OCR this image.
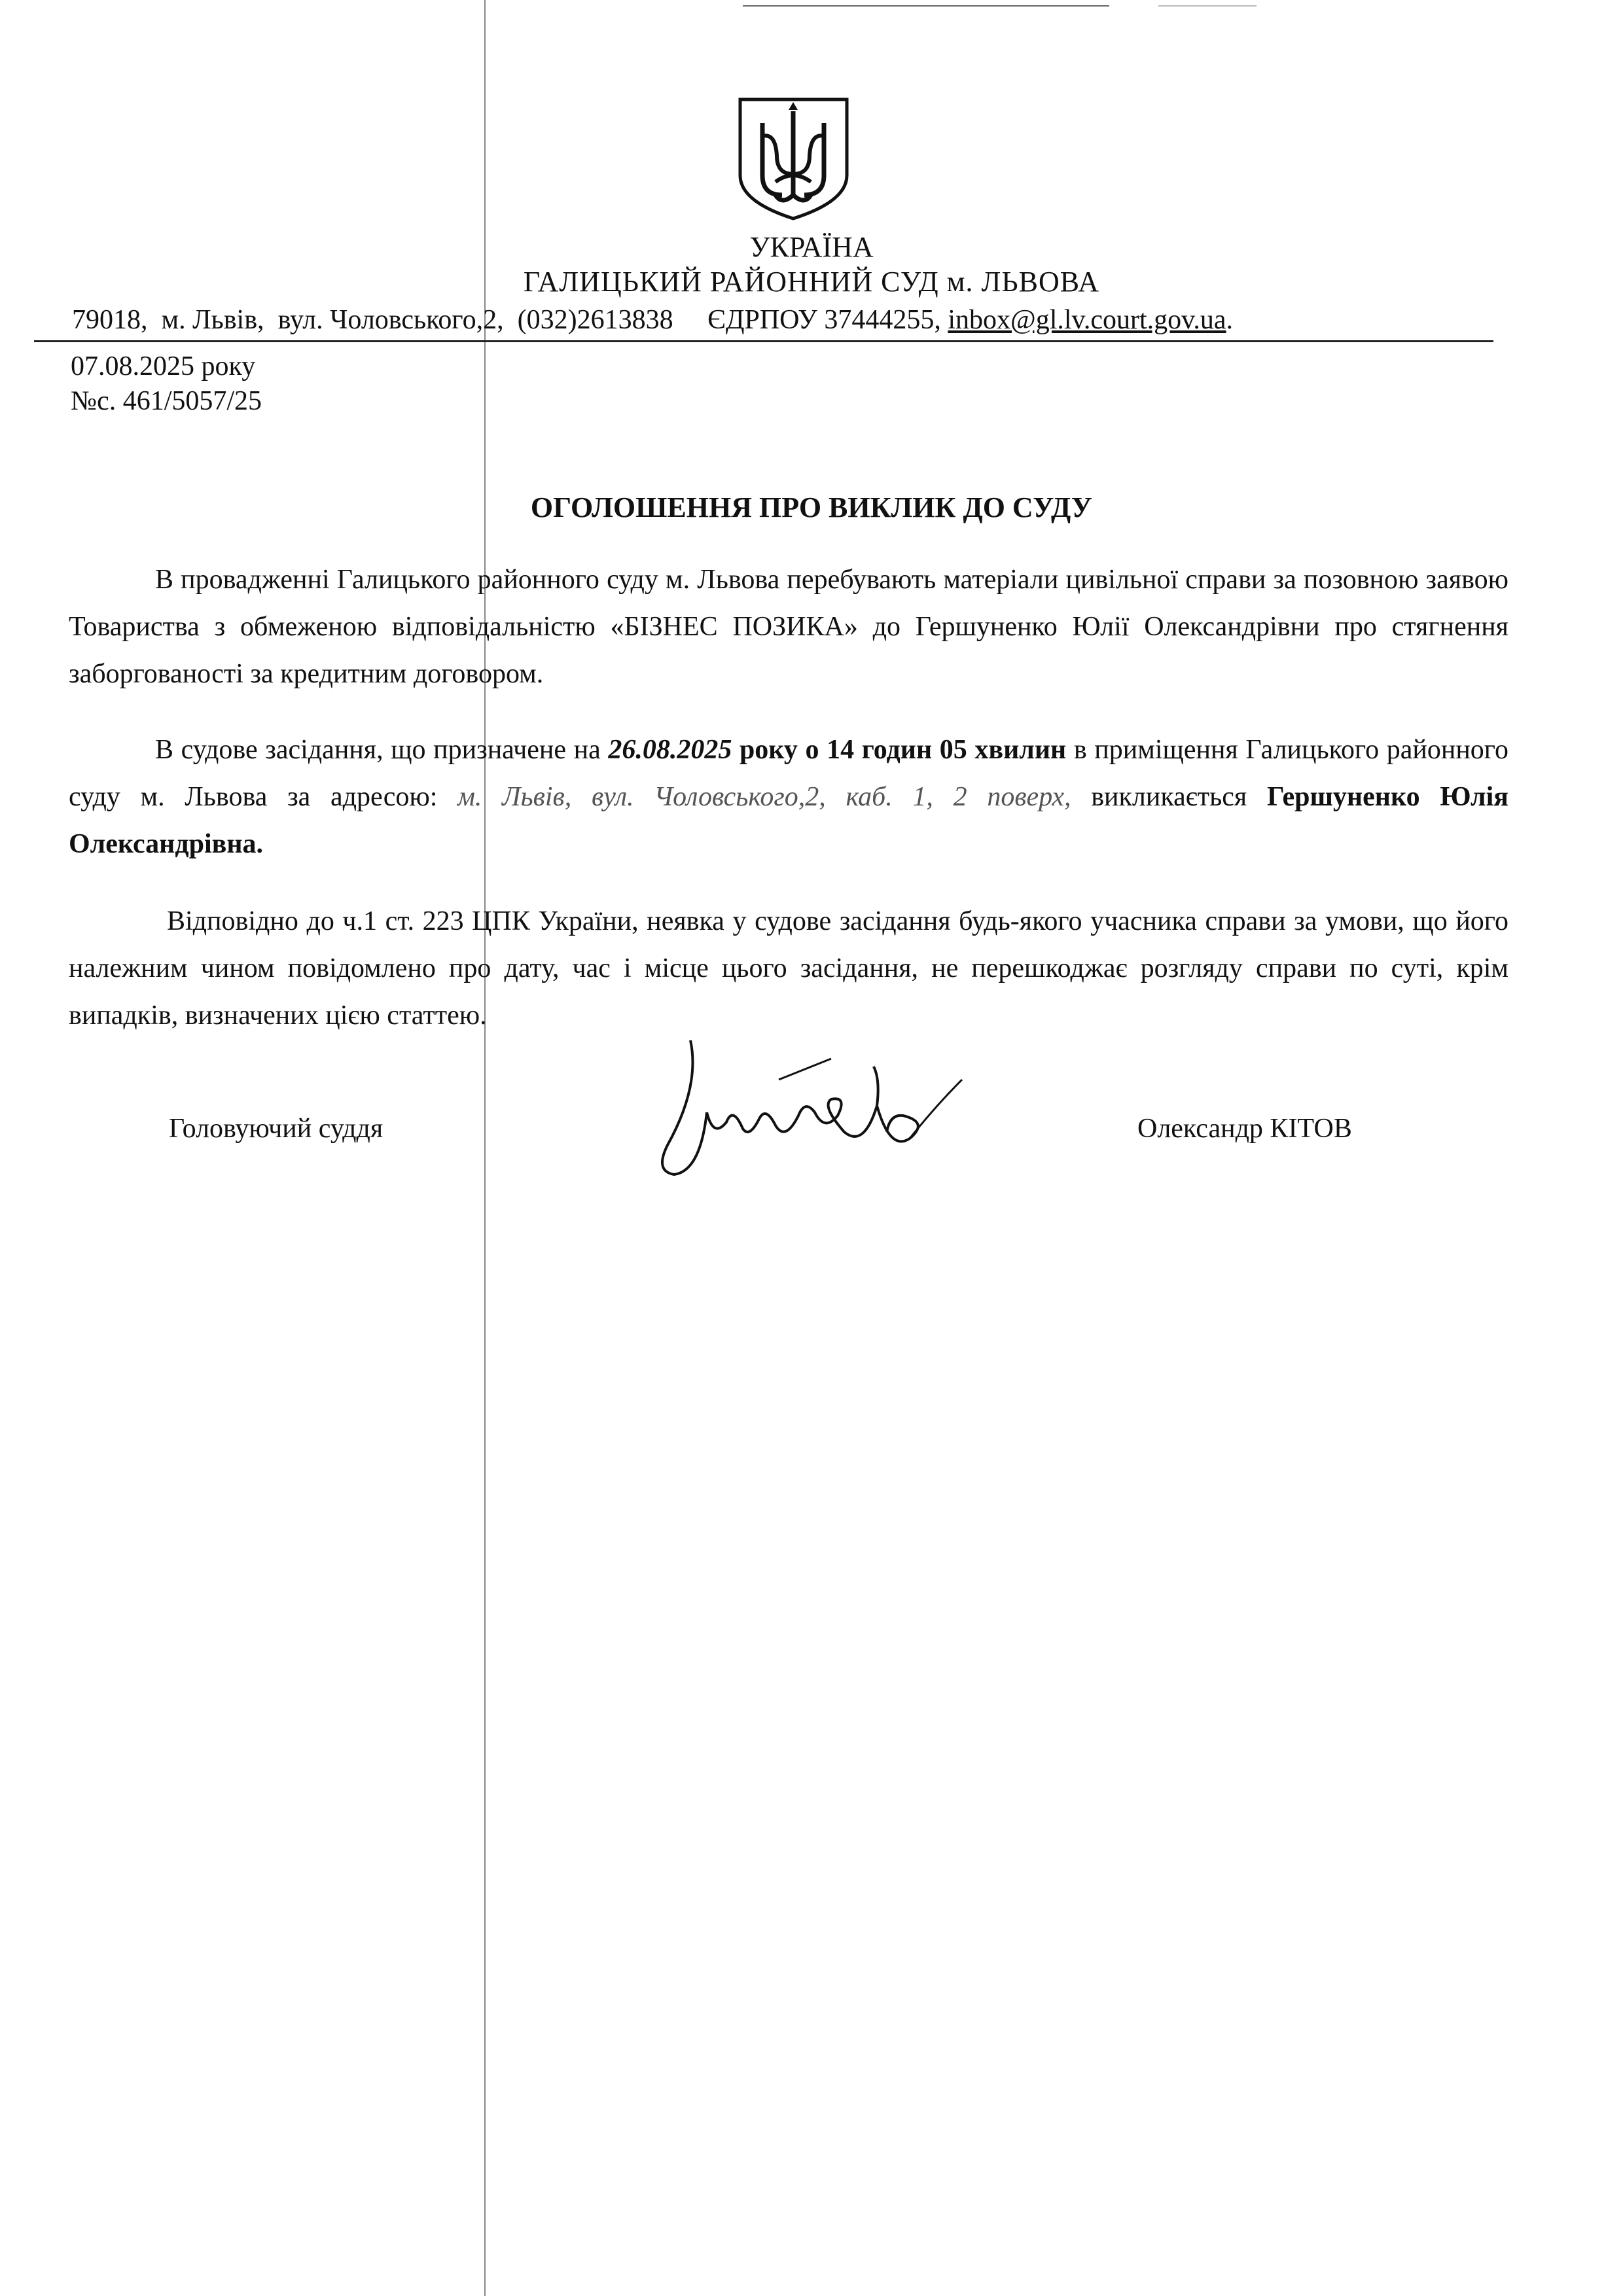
УКРАЇНА
ГАЛИЦЬКИЙ РАЙОННИЙ СУД м. ЛЬВОВА
79018, м. Львів, вул. Чоловського,2, (032)2613838 ЄДРПОУ 37444255, inbox@gl.lv.court.gov.ua.
07.08.2025 року
№с. 461/5057/25
ОГОЛОШЕННЯ ПРО ВИКЛИК ДО СУДУ
В провадженні Галицького районного суду м. Львова перебувають матеріали цивільної справи за позовною заявою Товариства з обмеженою відповідальністю «БІЗНЕС ПОЗИКА» до Гершуненко Юлії Олександрівни про стягнення заборгованості за кредитним договором.
В судове засідання, що призначене на 26.08.2025 року о 14 годин 05 хвилин в приміщення Галицького районного суду м. Львова за адресою: м. Львів, вул. Чоловського,2, каб. 1, 2 поверх, викликається Гершуненко Юлія Олександрівна.
Відповідно до ч.1 ст. 223 ЦПК України, неявка у судове засідання будь-якого учасника справи за умови, що його належним чином повідомлено про дату, час і місце цього засідання, не перешкоджає розгляду справи по суті, крім випадків, визначених цією статтею.
Головуючий суддя	Олександр КІТОВ
